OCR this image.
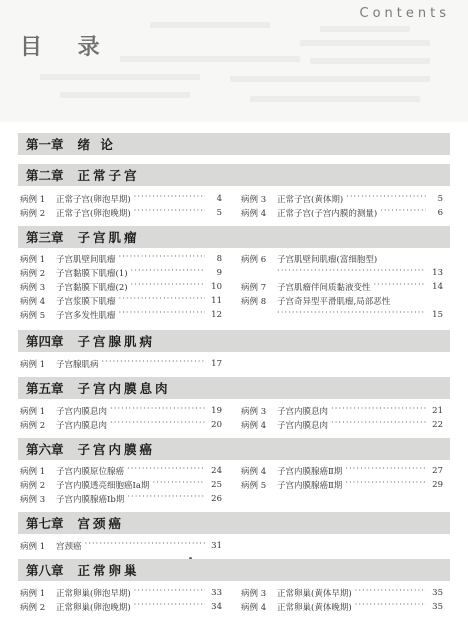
Contents
目 录
第一章 绪 论
第二章 正常子宫
病例 1	正常子宫(卵泡早期) ·····	4
病例 2	正常子宫(卵泡晚期) ·····	5
病例 3	正常子宫(黄体期) ·····	5
病例 4	正常子宫(子宫内膜的测量) ·····	6
第三章 子宫肌瘤
病例 1	子宫肌壁间肌瘤 ·····	8
病例 2	子宫黏膜下肌瘤(1) ·····	9
病例 3	子宫黏膜下肌瘤(2) ·····	10
病例 4	子宫浆膜下肌瘤 ·····	11
病例 5	子宫多发性肌瘤 ·····	12
病例 6	子宫肌壁间肌瘤(富细胞型)
·····
13
病例 7	子宫肌瘤伴间质黏液变性 ·····	14
病例 8	子宫奇异型平滑肌瘤,局部恶性
·····
15
第四章 子宫腺肌病
病例 1	子宫腺肌病 ·····	17
第五章 子宫内膜息肉
病例 1	子宫内膜息肉 ·····	19
病例 2	子宫内膜息肉 ·····	20
病例 3	子宫内膜息肉 ·····	21
病例 4	子宫内膜息肉 ·····	22
第六章 子宫内膜癌
病例 1	子宫内膜原位腺癌 ·····	24
病例 2	子宫内膜透亮细胞癌Ⅰa期 ·····	25
病例 3	子宫内膜腺癌Ⅰb期 ·····	26
病例 4	子宫内膜腺癌Ⅱ期 ·····	27
病例 5	子宫内膜腺癌Ⅱ期 ·····	29
第七章 宫颈癌
病例 1	宫颈癌 ·····	31
第八章 正常卵巢
病例 1	正常卵巢(卵泡早期) ·····	33
病例 2	正常卵巢(卵泡晚期) ·····	34
病例 3	正常卵巢(黄体早期) ·····	35
病例 4	正常卵巢(黄体晚期) ·····	35
